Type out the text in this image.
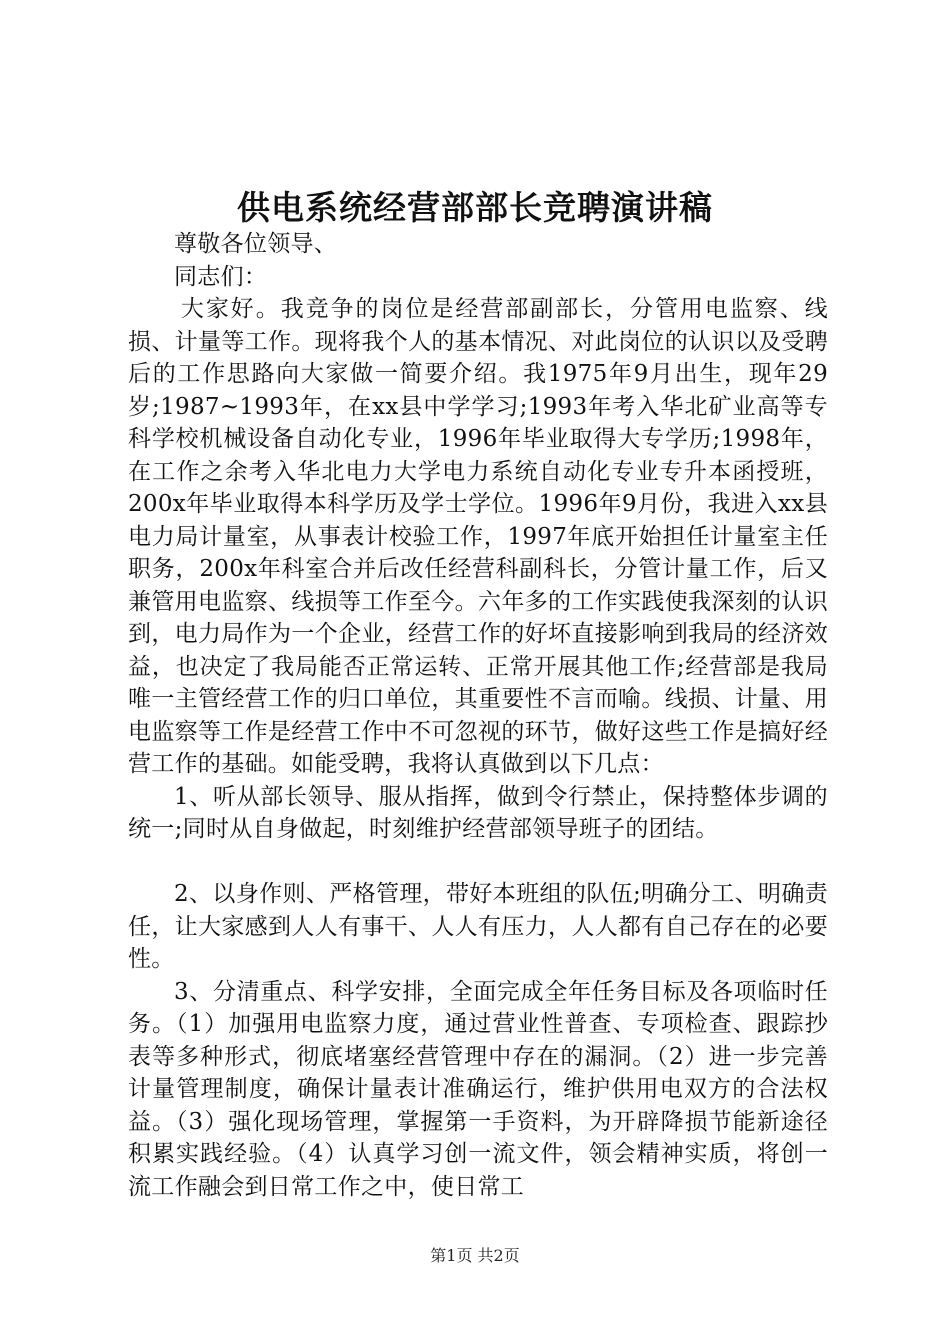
供电系统经营部部长竞聘演讲稿

尊敬各位领导、

同志们：

大家好。我竞争的岗位是经营部副部长，分管用电监察、线损、计量等工作。现将我个人的基本情况、对此岗位的认识以及受聘后的工作思路向大家做一简要介绍。我1975年9月出生，现年29岁;1987~1993年，在xx县中学学习;1993年考入华北矿业高等专科学校机械设备自动化专业，1996年毕业取得大专学历;1998年，在工作之余考入华北电力大学电力系统自动化专业专升本函授班，200x年毕业取得本科学历及学士学位。1996年9月份，我进入xx县电力局计量室，从事表计校验工作，1997年底开始担任计量室主任职务，200x年科室合并后改任经营科副科长，分管计量工作，后又兼管用电监察、线损等工作至今。六年多的工作实践使我深刻的认识到，电力局作为一个企业，经营工作的好坏直接影响到我局的经济效益，也决定了我局能否正常运转、正常开展其他工作;经营部是我局唯一主管经营工作的归口单位，其重要性不言而喻。线损、计量、用电监察等工作是经营工作中不可忽视的环节，做好这些工作是搞好经营工作的基础。如能受聘，我将认真做到以下几点：

1、听从部长领导、服从指挥，做到令行禁止，保持整体步调的统一;同时从自身做起，时刻维护经营部领导班子的团结。

2、以身作则、严格管理，带好本班组的队伍;明确分工、明确责任，让大家感到人人有事干、人人有压力，人人都有自己存在的必要性。

3、分清重点、科学安排，全面完成全年任务目标及各项临时任务。（1）加强用电监察力度，通过营业性普查、专项检查、跟踪抄表等多种形式，彻底堵塞经营管理中存在的漏洞。（2）进一步完善计量管理制度，确保计量表计准确运行，维护供用电双方的合法权益。（3）强化现场管理，掌握第一手资料，为开辟降损节能新途径积累实践经验。（4）认真学习创一流文件，领会精神实质，将创一流工作融会到日常工作之中，使日常工

第1页 共2页
